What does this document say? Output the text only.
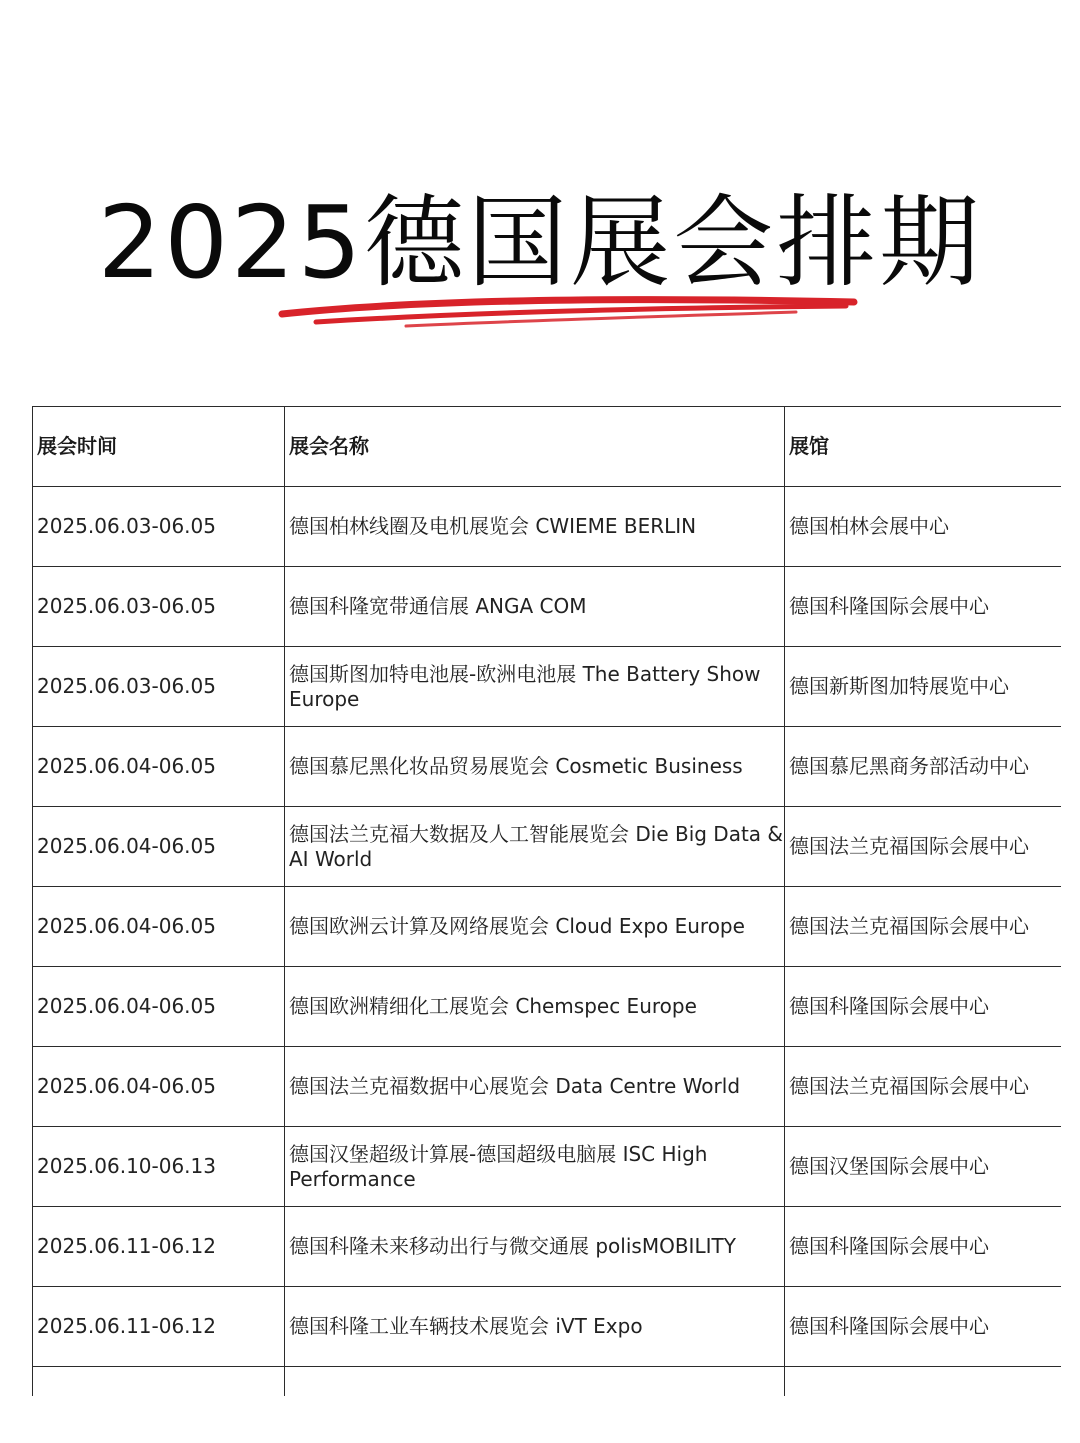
2025德国展会排期
展会时间	展会名称	展馆
2025.06.03-06.05	德国柏林线圈及电机展览会 CWIEME BERLIN	德国柏林会展中心
2025.06.03-06.05	德国科隆宽带通信展 ANGA COM	德国科隆国际会展中心
2025.06.03-06.05	德国斯图加特电池展-欧洲电池展 The Battery Show Europe	德国新斯图加特展览中心
2025.06.04-06.05	德国慕尼黑化妆品贸易展览会 Cosmetic Business	德国慕尼黑商务部活动中心
2025.06.04-06.05	德国法兰克福大数据及人工智能展览会 Die Big Data & AI World	德国法兰克福国际会展中心
2025.06.04-06.05	德国欧洲云计算及网络展览会 Cloud Expo Europe	德国法兰克福国际会展中心
2025.06.04-06.05	德国欧洲精细化工展览会 Chemspec Europe	德国科隆国际会展中心
2025.06.04-06.05	德国法兰克福数据中心展览会 Data Centre World	德国法兰克福国际会展中心
2025.06.10-06.13	德国汉堡超级计算展-德国超级电脑展 ISC High Performance	德国汉堡国际会展中心
2025.06.11-06.12	德国科隆未来移动出行与微交通展 polisMOBILITY	德国科隆国际会展中心
2025.06.11-06.12	德国科隆工业车辆技术展览会 iVT Expo	德国科隆国际会展中心
